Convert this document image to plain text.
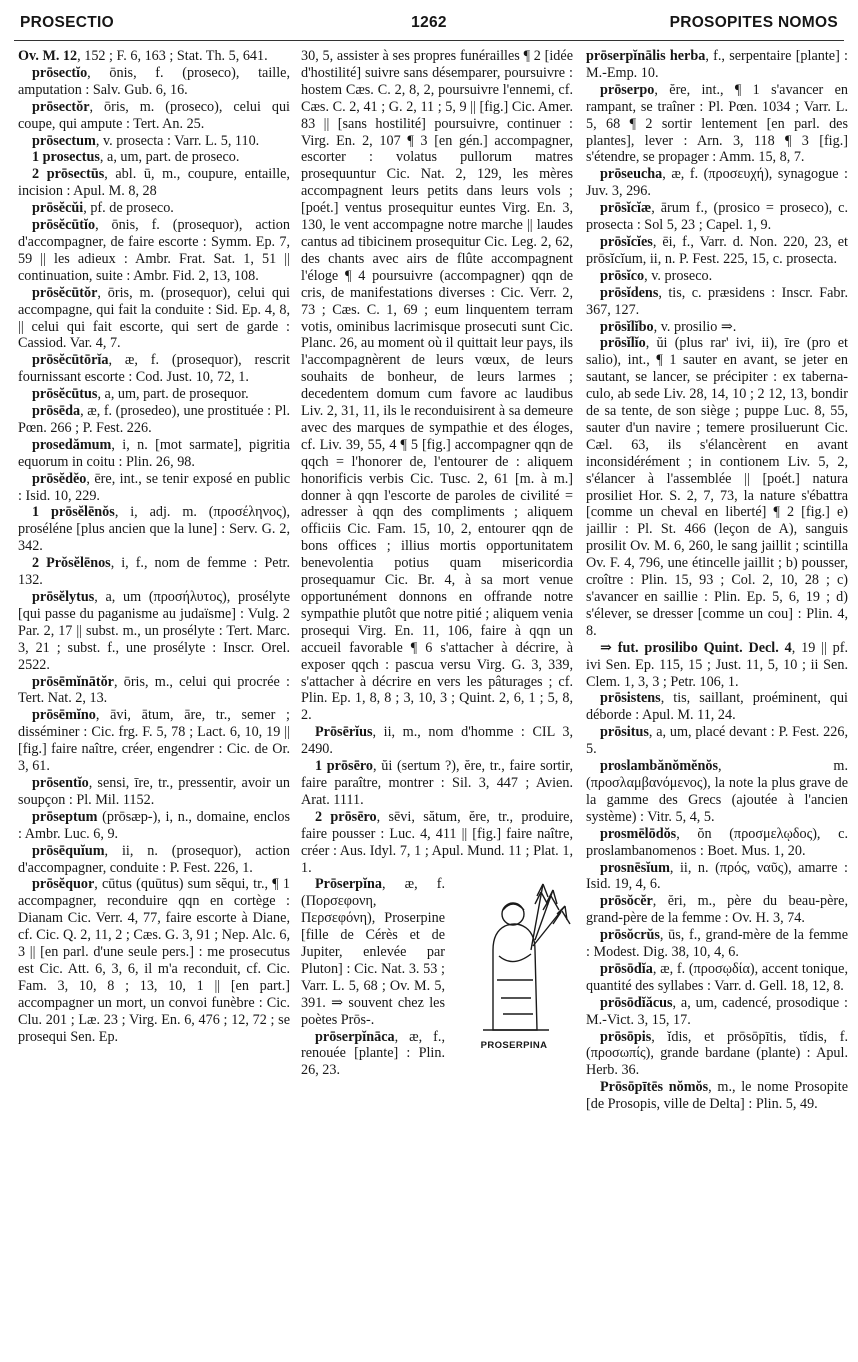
PROSECTIO	1262	PROSOPITES NOMOS

Ov. M. 12, 152 ; F. 6, 163 ; Stat. Th. 5, 641.

prōsectĭo, ōnis, f. (proseco), taille, amputation : Salv. Gub. 6, 16.

prōsectŏr, ōris, m. (proseco), celui qui coupe, qui ampute : Tert. An. 25.

prōsectum, v. prosecta : Varr. L. 5, 110.

1 prosectus, a, um, part. de proseco.

2 prōsectūs, abl. ū, m., coupure, entaille, incision : Apul. M. 8, 28

prōsĕcŭi, pf. de proseco.

prōsĕcūtĭo, ōnis, f. (prosequor), action d'accompagner, de faire escorte : Symm. Ep. 7, 59 || les adieux : Ambr. Frat. Sat. 1, 51 || continuation, suite : Ambr. Fid. 2, 13, 108.

prōsĕcūtŏr, ōris, m. (prosequor), celui qui accompagne, qui fait la conduite : Sid. Ep. 4, 8, || celui qui fait escorte, qui sert de garde : Cassiod. Var. 4, 7.

prōsĕcūtōrĭa, æ, f. (prosequor), rescrit fournissant escorte : Cod. Just. 10, 72, 1.

prōsĕcūtus, a, um, part. de prosequor.

prōsēda, æ, f. (prosedeo), une prostituée : Pl. Pœn. 266 ; P. Fest. 226.

prosedămum, i, n. [mot sarmate], pigritia equorum in coitu : Plin. 26, 98.

prōsĕdĕo, ēre, int., se tenir exposé en public : Isid. 10, 229.

1 prōsĕlēnŏs, i, adj. m. (προσέληνος), proséléne [plus ancien que la lune] : Serv. G. 2, 342.

2 Prŏsĕlēnos, i, f., nom de femme : Petr. 132.

prōsĕlytus, a, um (προσήλυτος), prosélyte [qui passe du paganisme au judaïsme] : Vulg. 2 Par. 2, 17 || subst. m., un prosélyte : Tert. Marc. 3, 21 ; subst. f., une prosélyte : Inscr. Orel. 2522.

prōsēmĭnātŏr, ōris, m., celui qui procrée : Tert. Nat. 2, 13.

prōsēmĭno, āvi, ātum, āre, tr., semer ; disséminer : Cic. frg. F. 5, 78 ; Lact. 6, 10, 19 || [fig.] faire naître, créer, engendrer : Cic. de Or. 3, 61.

prōsentĭo, sensi, īre, tr., pressentir, avoir un soupçon : Pl. Mil. 1152.

prōseptum (prōsæp-), i, n., domaine, enclos : Ambr. Luc. 6, 9.

prōsēquĭum, ii, n. (prosequor), action d'accompagner, conduite : P. Fest. 226, 1.

prōsĕquor, cūtus (quūtus) sum sĕqui, tr., ¶ 1 accompagner, reconduire qqn en cortège : Dianam Cic. Verr. 4, 77, faire escorte à Diane, cf. Cic. Q. 2, 11, 2 ; Cæs. G. 3, 91 ; Nep. Alc. 6, 3 || [en parl. d'une seule pers.] : me prosecutus est Cic. Att. 6, 3, 6, il m'a reconduit, cf. Cic. Fam. 3, 10, 8 ; 13, 10, 1 || [en part.] accompagner un mort, un convoi funèbre : Cic. Clu. 201 ; Læ. 23 ; Virg. En. 6, 476 ; 12, 72 ; se prosequi Sen. Ep.

30, 5, assister à ses propres funérailles ¶ 2 [idée d'hostilité] suivre sans désemparer, poursuivre : hostem Cæs. C. 2, 8, 2, poursuivre l'ennemi, cf. Cæs. C. 2, 41 ; G. 2, 11 ; 5, 9 || [fig.] Cic. Amer. 83 || [sans hostilité] poursuivre, continuer : Virg. En. 2, 107 ¶ 3 [en gén.] accompagner, escorter : volatus pullorum matres prosequuntur Cic. Nat. 2, 129, les mères accompagnent leurs petits dans leurs vols ; [poét.] ventus prosequitur euntes Virg. En. 3, 130, le vent accompagne notre marche || laudes cantus ad tibicinem prosequitur Cic. Leg. 2, 62, des chants avec airs de flûte accompagnent l'éloge ¶ 4 poursuivre (accompagner) qqn de cris, de manifestations diverses : Cic. Verr. 2, 73 ; Cæs. C. 1, 69 ; eum linquentem terram votis, ominibus lacrimisque prosecuti sunt Cic. Planc. 26, au moment où il quittait leur pays, ils l'accompagnèrent de leurs vœux, de leurs souhaits de bonheur, de leurs larmes ; decedentem domum cum favore ac laudibus Liv. 2, 31, 11, ils le reconduisirent à sa demeure avec des marques de sympathie et des éloges, cf. Liv. 39, 55, 4 ¶ 5 [fig.] accompagner qqn de qqch = l'honorer de, l'entourer de : aliquem honorificis verbis Cic. Tusc. 2, 61 [m. à m.] donner à qqn l'escorte de paroles de civilité = adresser à qqn des compliments ; aliquem officiis Cic. Fam. 15, 10, 2, entourer qqn de bons offices ; illius mortis opportunitatem benevolentia potius quam misericordia prosequamur Cic. Br. 4, à sa mort venue opportunément donnons en offrande notre sympathie plutôt que notre pitié ; aliquem venia prosequi Virg. En. 11, 106, faire à qqn un accueil favorable ¶ 6 s'attacher à décrire, à exposer qqch : pascua versu Virg. G. 3, 339, s'attacher à décrire en vers les pâturages ; cf. Plin. Ep. 1, 8, 8 ; 3, 10, 3 ; Quint. 2, 6, 1 ; 5, 8, 2.

Prōsērĭus, ii, m., nom d'homme : CIL 3, 2490.

1 prōsēro, ŭi (sertum ?), ĕre, tr., faire sortir, faire paraître, montrer : Sil. 3, 447 ; Avien. Arat. 1111.

2 prōsēro, sēvi, sătum, ĕre, tr., produire, faire pousser : Luc. 4, 411 || [fig.] faire naître, créer : Aus. Idyl. 7, 1 ; Apul. Mund. 11 ; Plat. 1, 1.

PROSERPINA

Prōserpĭna, æ, f. (Πορσεφονη, Περσεφόνη), Proserpine [fille de Cérès et de Jupiter, enlevée par Pluton] : Cic. Nat. 3. 53 ; Varr. L. 5, 68 ; Ov. M. 5, 391. ⇒ souvent chez les poètes Prōs-.

prōserpĭnāca, æ, f., renouée [plante] : Plin. 26, 23.

prōserpĭnālis herba, f., serpentaire [plante] : M.-Emp. 10.

prōserpo, ĕre, int., ¶ 1 s'avancer en rampant, se traîner : Pl. Pœn. 1034 ; Varr. L. 5, 68 ¶ 2 sortir lentement [en parl. des plantes], lever : Arn. 3, 118 ¶ 3 [fig.] s'étendre, se propager : Amm. 15, 8, 7.

prōseucha, æ, f. (προσευχή), synagogue : Juv. 3, 296.

prōsĭcĭæ, ārum f., (prosico = proseco), c. prosecta : Sol 5, 23 ; Capel. 1, 9.

prōsĭcĭes, ēi, f., Varr. d. Non. 220, 23, et prōsĭcĭum, ii, n. P. Fest. 225, 15, c. prosecta.

prōsĭco, v. proseco.

prōsĭdens, tis, c. præsidens : Inscr. Fabr. 367, 127.

prōsĭlĭbo, v. prosilio ⇒.

prōsĭlĭo, ŭi (plus rar' ivi, ii), īre (pro et salio), int., ¶ 1 sauter en avant, se jeter en sautant, se lancer, se précipiter : ex taberna-culo, ab sede Liv. 28, 14, 10 ; 2 12, 13, bondir de sa tente, de son siège ; puppe Luc. 8, 55, sauter d'un navire ; temere prosiluerunt Cic. Cæl. 63, ils s'élancèrent en avant inconsidérément ; in contionem Liv. 5, 2, s'élancer à l'assemblée || [poét.] natura prosiliet Hor. S. 2, 7, 73, la nature s'ébattra [comme un cheval en liberté] ¶ 2 [fig.] e) jaillir : Pl. St. 466 (leçon de A), sanguis prosilit Ov. M. 6, 260, le sang jaillit ; scintilla Ov. F. 4, 796, une étincelle jaillit ; b) pousser, croître : Plin. 15, 93 ; Col. 2, 10, 28 ; c) s'avancer en saillie : Plin. Ep. 5, 6, 19 ; d) s'élever, se dresser [comme un cou] : Plin. 4, 8.

⇒ fut. prosilibo Quint. Decl. 4, 19 || pf. ivi Sen. Ep. 115, 15 ; Just. 11, 5, 10 ; ii Sen. Clem. 1, 3, 3 ; Petr. 106, 1.

prōsistens, tis, saillant, proéminent, qui déborde : Apul. M. 11, 24.

prōsitus, a, um, placé devant : P. Fest. 226, 5.

proslambănŏmĕnŏs, m. (προσλαμβανόμενος), la note la plus grave de la gamme des Grecs (ajoutée à l'ancien système) : Vitr. 5, 4, 5.

prosmēlōdŏs, ŏn (προσμελῳδος), c. proslambanomenos : Boet. Mus. 1, 20.

prosnēsĭum, ii, n. (πρός, ναῦς), amarre : Isid. 19, 4, 6.

prōsŏcĕr, ĕri, m., père du beau-père, grand-père de la femme : Ov. H. 3, 74.

prōsŏcrŭs, ūs, f., grand-mère de la femme : Modest. Dig. 38, 10, 4, 6.

prōsōdĭa, æ, f. (προσῳδία), accent tonique, quantité des syllabes : Varr. d. Gell. 18, 12, 8.

prōsōdĭăcus, a, um, cadencé, prosodique : M.-Vict. 3, 15, 17.

prōsōpis, ĭdis, et prōsōpītis, tĭdis, f. (προσωπίς), grande bardane (plante) : Apul. Herb. 36.

Prōsōpītēs nŏmŏs, m., le nome Prosopite [de Prosopis, ville de Delta] : Plin. 5, 49.
